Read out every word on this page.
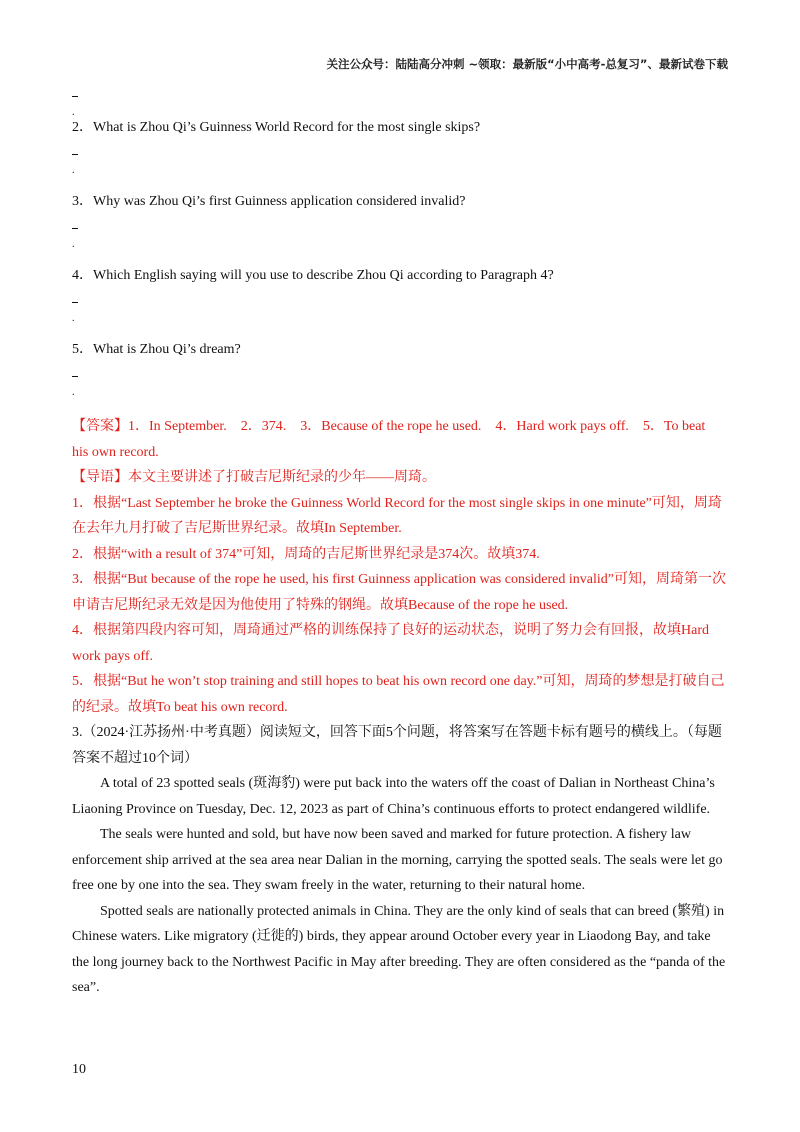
关注公众号：陆陆高分冲刺 ~领取：最新版“小中高考-总复习”、最新试卷下载
.
2．What is Zhou Qi’s Guinness World Record for the most single skips?
.
3．Why was Zhou Qi’s first Guinness application considered invalid?
.
4．Which English saying will you use to describe Zhou Qi according to Paragraph 4?
.
5．What is Zhou Qi’s dream?
.

【答案】1．In September.　2．374.　3．Because of the rope he used.　4．Hard work pays off.　5．To beat

his own record.

【导语】本文主要讲述了打破吉尼斯纪录的少年——周琦。

1．根据“Last September he broke the Guinness World Record for the most single skips in one minute”可知，周琦在去年九月打破了吉尼斯世界纪录。故填In September.

2．根据“with a result of 374”可知，周琦的吉尼斯世界纪录是374次。故填374.

3．根据“But because of the rope he used, his first Guinness application was considered invalid”可知，周琦第一次申请吉尼斯纪录无效是因为他使用了特殊的钢绳。故填Because of the rope he used.

4．根据第四段内容可知，周琦通过严格的训练保持了良好的运动状态，说明了努力会有回报，故填Hard work pays off.

5．根据“But he won’t stop training and still hopes to beat his own record one day.”可知，周琦的梦想是打破自己的纪录。故填To beat his own record.

3.（2024·江苏扬州·中考真题）阅读短文，回答下面5个问题，将答案写在答题卡标有题号的横线上。（每题答案不超过10个词）

A total of 23 spotted seals (斑海豹) were put back into the waters off the coast of Dalian in Northeast China’s Liaoning Province on Tuesday, Dec. 12, 2023 as part of China’s continuous efforts to protect endangered wildlife.

The seals were hunted and sold, but have now been saved and marked for future protection. A fishery law enforcement ship arrived at the sea area near Dalian in the morning, carrying the spotted seals. The seals were let go free one by one into the sea. They swam freely in the water, returning to their natural home.

Spotted seals are nationally protected animals in China. They are the only kind of seals that can breed (繁殖) in Chinese waters. Like migratory (迁徙的) birds, they appear around October every year in Liaodong Bay, and take the long journey back to the Northwest Pacific in May after breeding. They are often considered as the “panda of the sea”.

10
